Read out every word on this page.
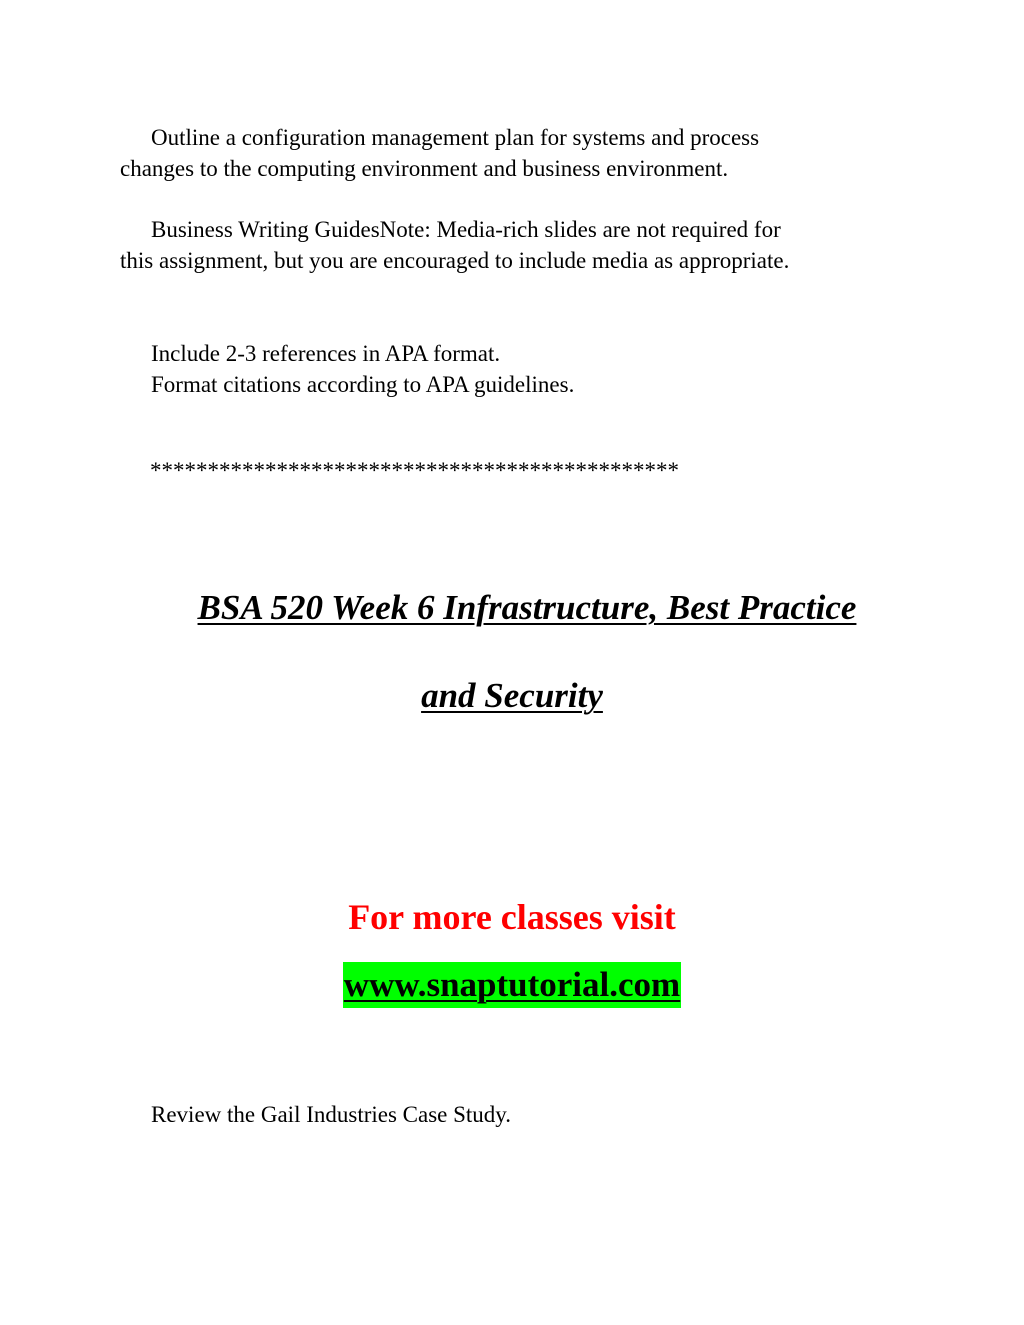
Outline a configuration management plan for systems and process
changes to the computing environment and business environment.
Business Writing GuidesNote: Media-rich slides are not required for
this assignment, but you are encouraged to include media as appropriate.
Include 2-3 references in APA format.
Format citations according to APA guidelines.
**********************************************
BSA 520 Week 6 Infrastructure, Best Practice
and Security
For more classes visit
www.snaptutorial.com
Review the Gail Industries Case Study.
